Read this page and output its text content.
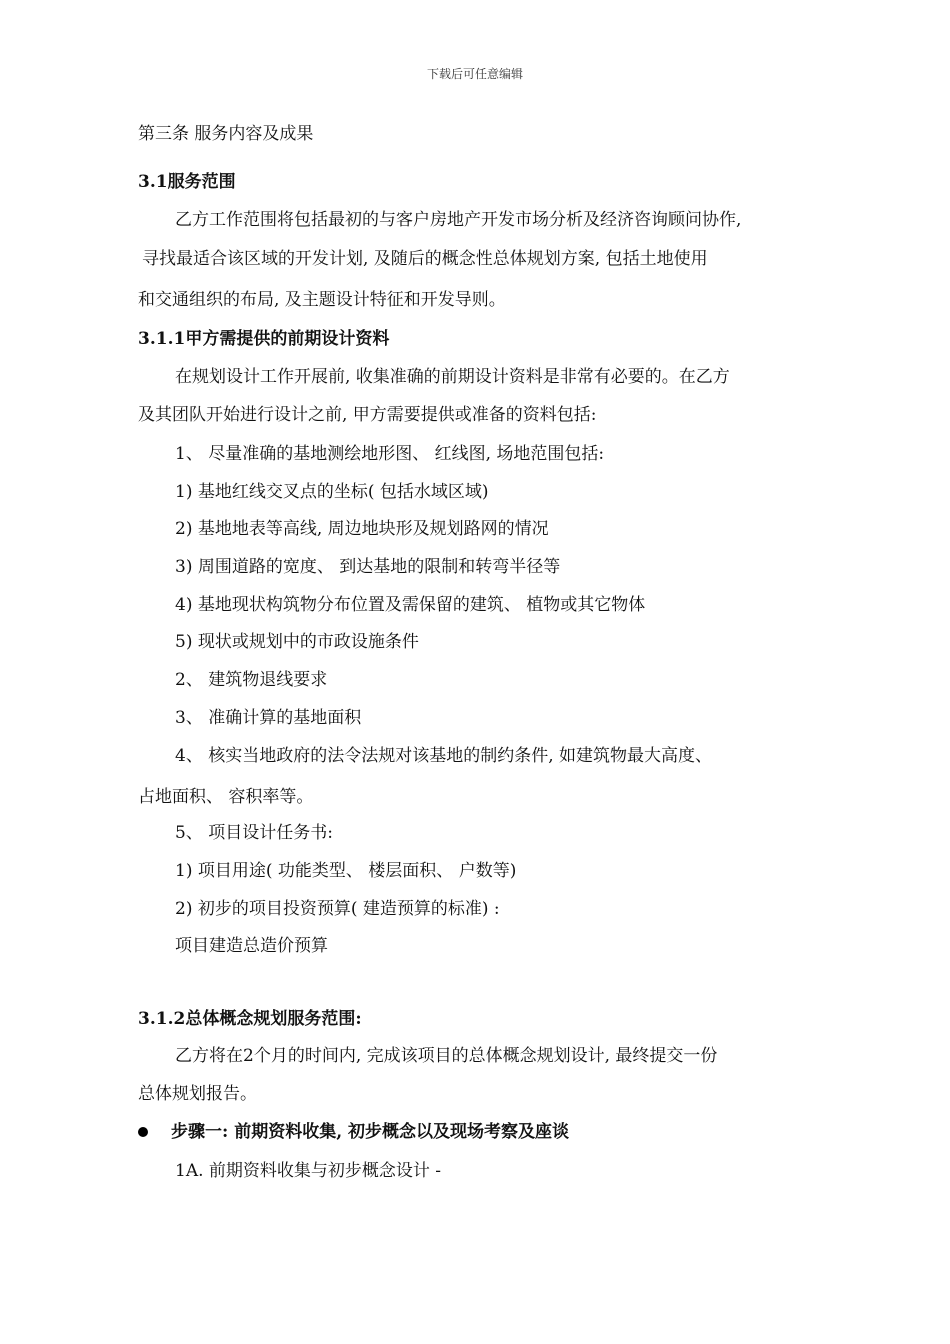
下载后可任意编辑
第三条 服务内容及成果
3.1服务范围
乙方工作范围将包括最初的与客户房地产开发市场分析及经济咨询顾问协作,
寻找最适合该区域的开发计划, 及随后的概念性总体规划方案, 包括土地使用
和交通组织的布局, 及主题设计特征和开发导则。
3.1.1甲方需提供的前期设计资料
在规划设计工作开展前, 收集准确的前期设计资料是非常有必要的。在乙方
及其团队开始进行设计之前, 甲方需要提供或准备的资料包括:
1、 尽量准确的基地测绘地形图、 红线图, 场地范围包括:
1) 基地红线交叉点的坐标( 包括水域区域)
2) 基地地表等高线, 周边地块形及规划路网的情况
3) 周围道路的宽度、 到达基地的限制和转弯半径等
4) 基地现状构筑物分布位置及需保留的建筑、 植物或其它物体
5) 现状或规划中的市政设施条件
2、 建筑物退线要求
3、 准确计算的基地面积
4、 核实当地政府的法令法规对该基地的制约条件, 如建筑物最大高度、
占地面积、 容积率等。
5、 项目设计任务书:
1) 项目用途( 功能类型、 楼层面积、 户数等)
2) 初步的项目投资预算( 建造预算的标准) :
项目建造总造价预算
3.1.2总体概念规划服务范围:
乙方将在2个月的时间内, 完成该项目的总体概念规划设计, 最终提交一份
总体规划报告。
步骤一: 前期资料收集, 初步概念以及现场考察及座谈
1A. 前期资料收集与初步概念设计 -
